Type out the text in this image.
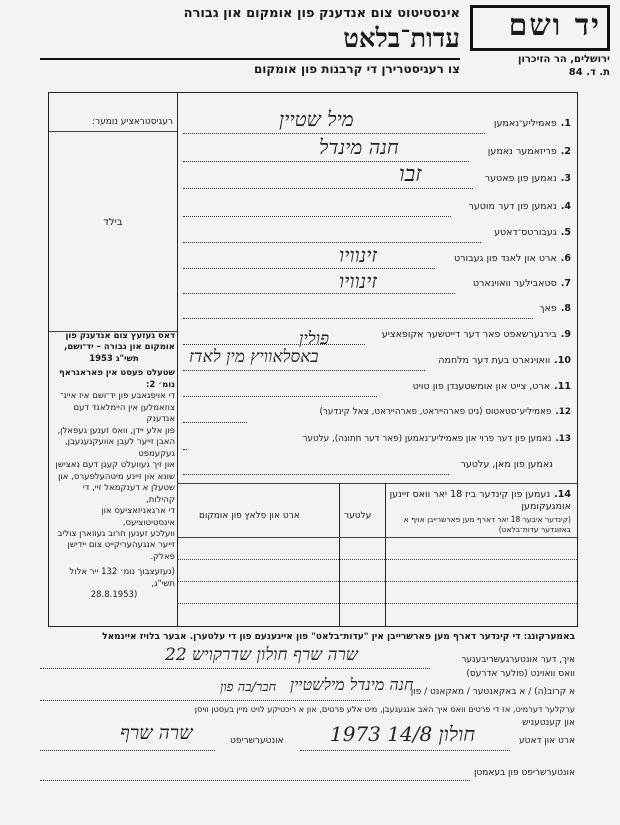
יד ושם
ירושלים, הר הזיכרון
ת. ד. 84
אינסטיטוט צום אנדענק פון אומקום און גבורה
עדות־בלאט
צו רעגיסטרירן די קרבנות פון אומקום
רעגיסטראציע נומער:
בילד
דאס געזעץ צום אנדענק פון
אומקום און גבורה – יד־ושם,
תשי"ג 1953
שטעלט פעסט אין פאראגראף נומ׳ 2:
די אויפגאבע פון יד־ושם איז איינ־
צוזאמלען אין היימלאנד דעם אנדענק
פון אלע יידן, וואס זענען געפאלן,
האבן זייער לעבן אוועקגעגעבן, געקעמפט
און זיך געוועלט קעגן דעם נאצישן
שונא און זיינע מיטהעלפערס, און
שטעלן א דענקמאל זיי, די קהילות,
די ארגאניזאציעס און אינסטיטוציעס,
וועלכע זענען חרוב געווארן צוליב
זייער אנגעהעריקייט צום יידישן פאלק.
(געזעצבוך נומ׳ 132 ייר אלול תשי"ג,
(28.8.1953
1.פאמיליע־נאמען
מיל שטיין
2.פריזאמער נאמען
חנה מינדל
3.נאמען פון פאטער
זבו
4.נאמען פון דער מוטער
5.געבורטס־דאטע
6.ארט און לאנד פון געבורט
זינוויו
7.סטאבילער וואוינארט
זינוויו
8.פאך
9.בירגערשאפט פאר דער דייטשער אקופאציע
פולין
10.וואוינארט בעת דער מלחמה
באסלאוויץ מין לאדז
11.ארט, צייט און אומשטענדן פון טויט
12.פאמיליע־סטאטוס (ניט פארהייראט, פארהייראט, צאל קינדער)
13.נאמען פון דער פרוי און פאמיליע־נאמען (פאר דער חתונה), עלטער
נאמען פון מאן, עלטער
14.נעמען פון קינדער ביז 18 יאר וואס זיינען אומגעקומען
(קינדער איבער 18 יאר דארף מען פארשרייבן אויף א באזונדער עדות־בלאט)
עלטער
ארט און פלאץ פון אומקום
באמערקונג: די קינדער דארף מען פארשרייבן אין "עדות־בלאט" פון אייגענעם פון די עלטערן. אבער בלויז איינמאל
איך, דער אונטערגעשריבענער
וואס וואוינט (פולער אדרעס)
שרה שרף חולון שדרקויש 22
א קרוב(ה) / א באקאנטער / מאקאנט / פון
חנה מינדל מילשטיין
חבר/בה פון
ערקלער דערמיט, אז די פרטים וואס איך האב אנגעגעבן, מיט אלע פרטים, און א ריכטיקע לויט מיין בעסטן וויסן
און קענטעניש
ארט און דאטע
חולון 14/8 1973
אונטערשריפט
שרה שרף
אונטערשריפט פון בעאמטן
